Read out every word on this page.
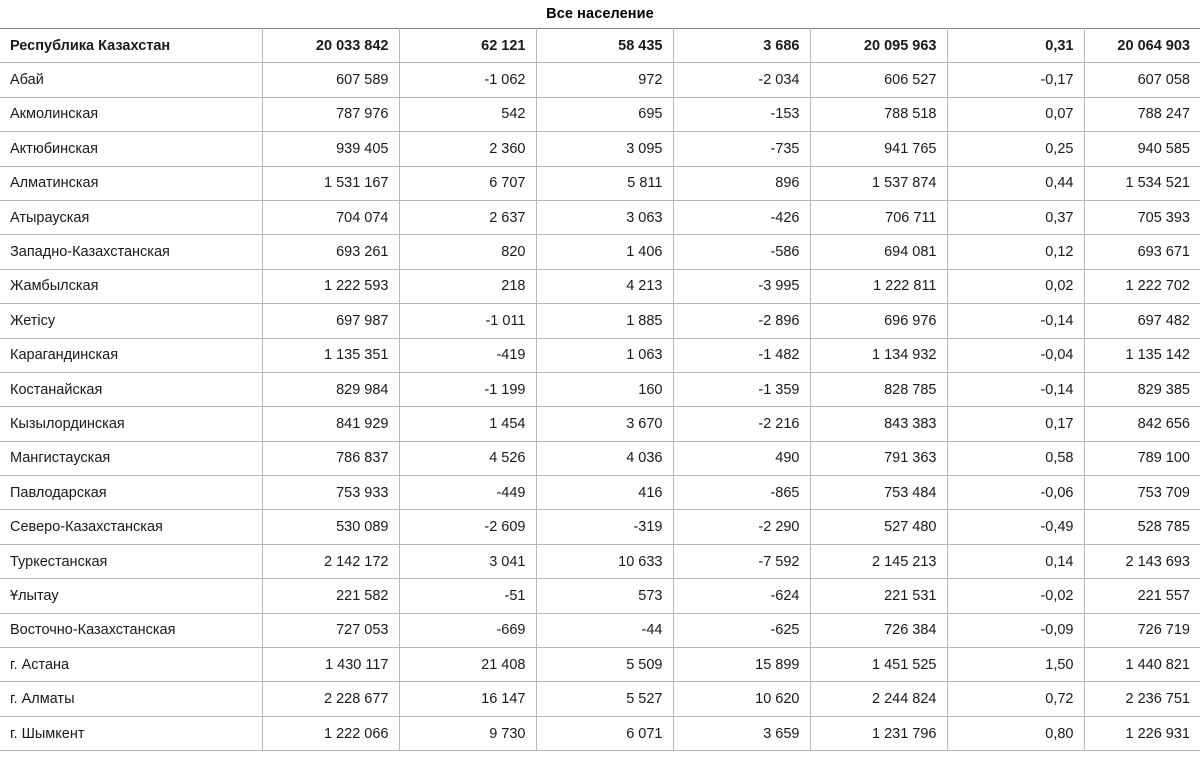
Все население
Республика Казахстан	20 033 842	62 121	58 435	3 686	20 095 963	0,31	20 064 903
Абай	607 589	-1 062	972	-2 034	606 527	-0,17	607 058
Акмолинская	787 976	542	695	-153	788 518	0,07	788 247
Актюбинская	939 405	2 360	3 095	-735	941 765	0,25	940 585
Алматинская	1 531 167	6 707	5 811	896	1 537 874	0,44	1 534 521
Атырауская	704 074	2 637	3 063	-426	706 711	0,37	705 393
Западно-Казахстанская	693 261	820	1 406	-586	694 081	0,12	693 671
Жамбылская	1 222 593	218	4 213	-3 995	1 222 811	0,02	1 222 702
Жетісу	697 987	-1 011	1 885	-2 896	696 976	-0,14	697 482
Карагандинская	1 135 351	-419	1 063	-1 482	1 134 932	-0,04	1 135 142
Костанайская	829 984	-1 199	160	-1 359	828 785	-0,14	829 385
Кызылординская	841 929	1 454	3 670	-2 216	843 383	0,17	842 656
Мангистауская	786 837	4 526	4 036	490	791 363	0,58	789 100
Павлодарская	753 933	-449	416	-865	753 484	-0,06	753 709
Северо-Казахстанская	530 089	-2 609	-319	-2 290	527 480	-0,49	528 785
Туркестанская	2 142 172	3 041	10 633	-7 592	2 145 213	0,14	2 143 693
Ұлытау	221 582	-51	573	-624	221 531	-0,02	221 557
Восточно-Казахстанская	727 053	-669	-44	-625	726 384	-0,09	726 719
г. Астана	1 430 117	21 408	5 509	15 899	1 451 525	1,50	1 440 821
г. Алматы	2 228 677	16 147	5 527	10 620	2 244 824	0,72	2 236 751
г. Шымкент	1 222 066	9 730	6 071	3 659	1 231 796	0,80	1 226 931
